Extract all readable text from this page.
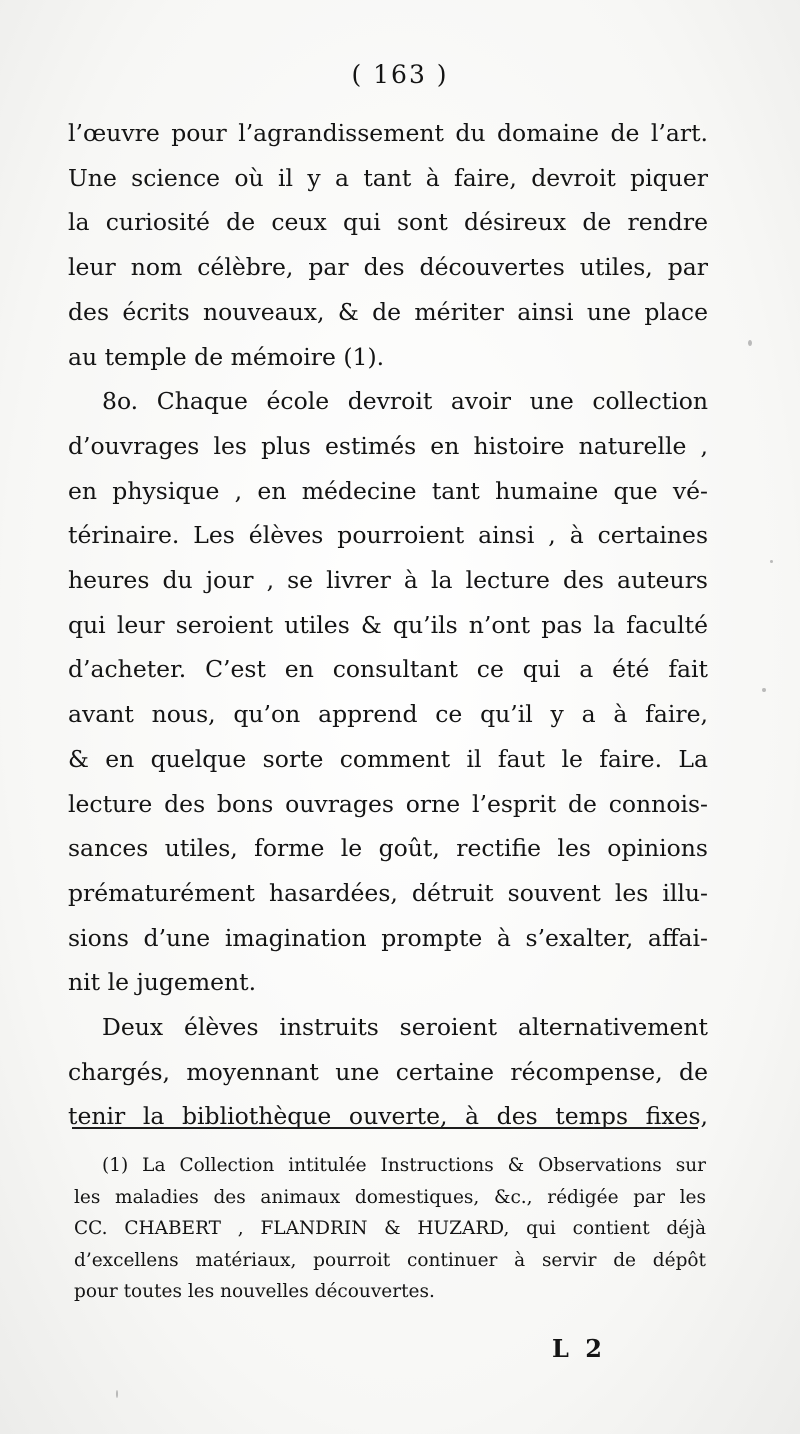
( 163 )
l’œuvre pour l’agrandissement du domaine de l’art.
Une science où il y a tant à faire, devroit piquer
la curiosité de ceux qui sont désireux de rendre
leur nom célèbre, par des découvertes utiles, par
des écrits nouveaux, & de mériter ainsi une place
au temple de mémoire (1).
8o. Chaque école devroit avoir une collection
d’ouvrages les plus estimés en histoire naturelle ,
en physique , en médecine tant humaine que vé-
térinaire. Les élèves pourroient ainsi , à certaines
heures du jour , se livrer à la lecture des auteurs
qui leur seroient utiles & qu’ils n’ont pas la faculté
d’acheter. C’est en consultant ce qui a été fait
avant nous, qu’on apprend ce qu’il y a à faire,
& en quelque sorte comment il faut le faire. La
lecture des bons ouvrages orne l’esprit de connois-
sances utiles, forme le goût, rectifie les opinions
prématurément hasardées, détruit souvent les illu-
sions d’une imagination prompte à s’exalter, affai-
nit le jugement.
Deux élèves instruits seroient alternativement
chargés, moyennant une certaine récompense, de
tenir la bibliothèque ouverte, à des temps fixes,
(1) La Collection intitulée Instructions & Observations sur
les maladies des animaux domestiques, &c., rédigée par les
CC. CHABERT , FLANDRIN & HUZARD, qui contient déjà
d’excellens matériaux, pourroit continuer à servir de dépôt
pour toutes les nouvelles découvertes.
L 2
